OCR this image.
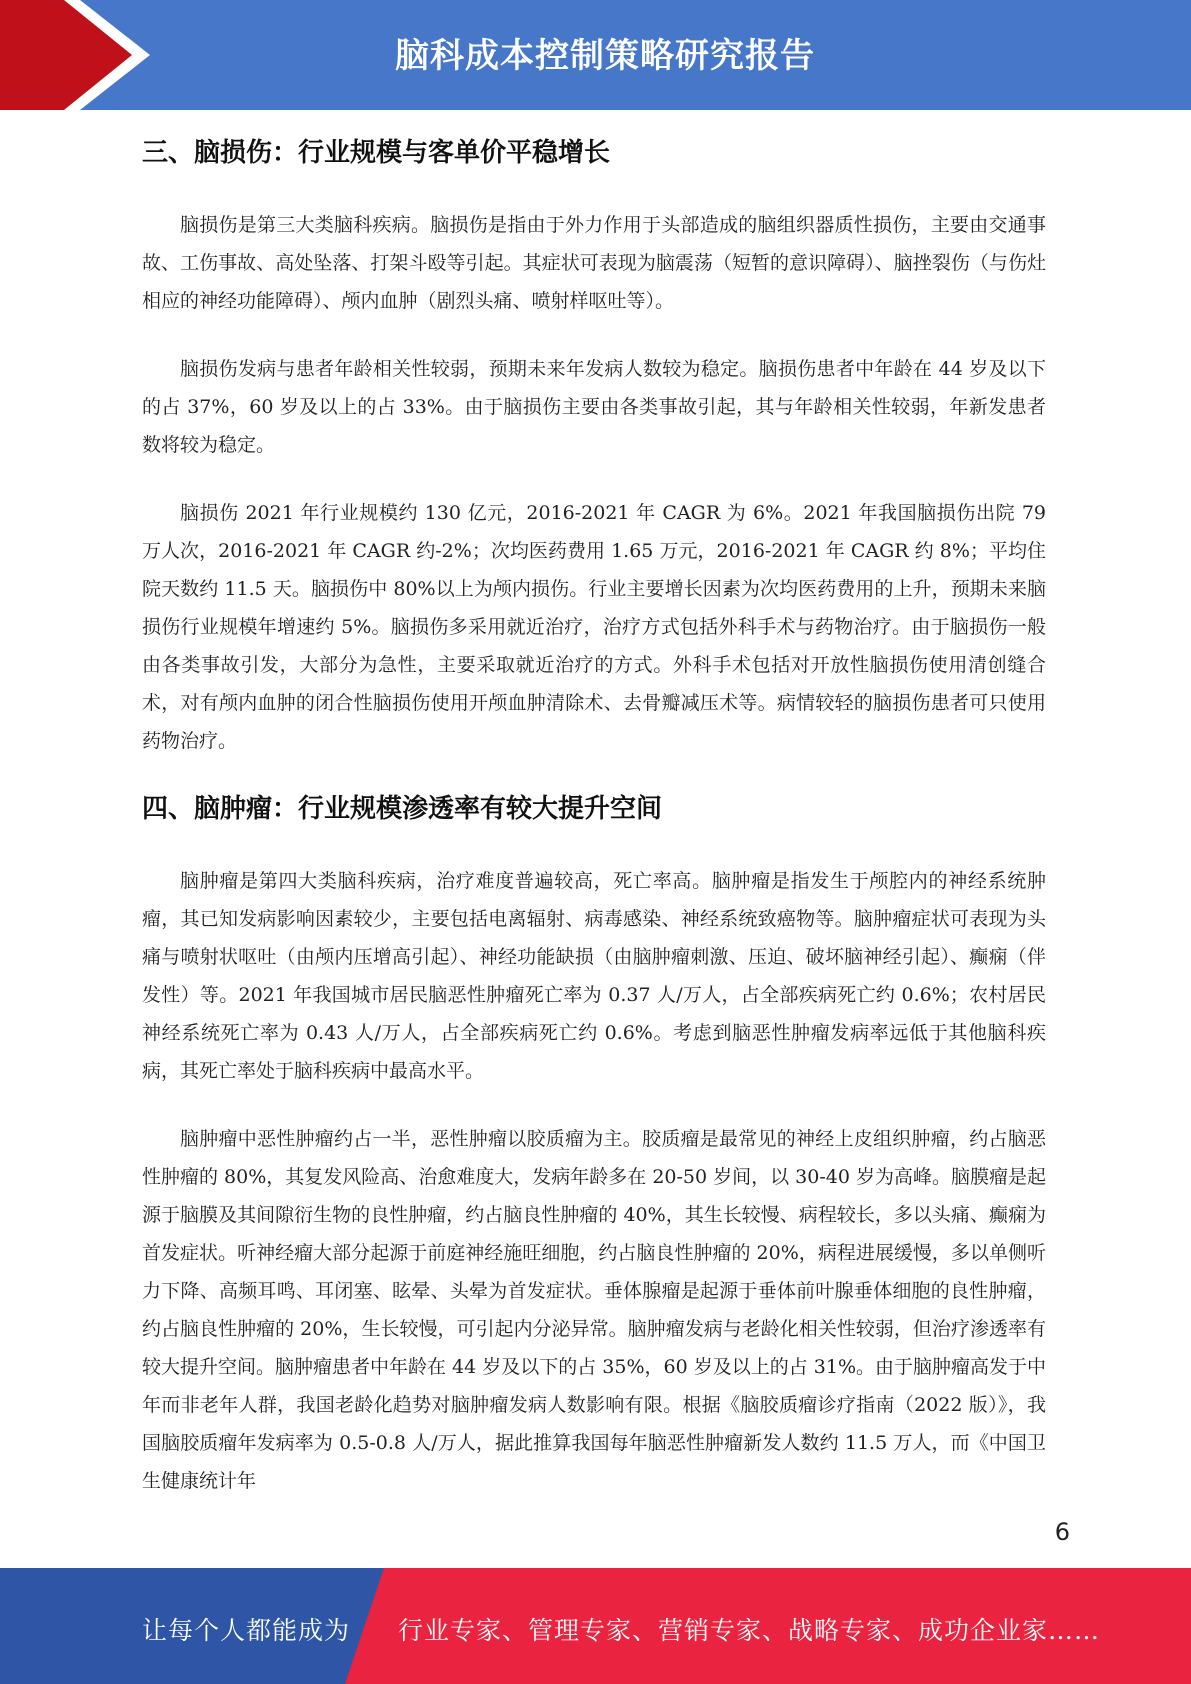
脑科成本控制策略研究报告
三、脑损伤：行业规模与客单价平稳增长

脑损伤是第三大类脑科疾病。脑损伤是指由于外力作用于头部造成的脑组织器质性损伤，主要由交通事故、工伤事故、高处坠落、打架斗殴等引起。其症状可表现为脑震荡（短暂的意识障碍）、脑挫裂伤（与伤灶相应的神经功能障碍）、颅内血肿（剧烈头痛、喷射样呕吐等）。

脑损伤发病与患者年龄相关性较弱，预期未来年发病人数较为稳定。脑损伤患者中年龄在 44 岁及以下的占 37%，60 岁及以上的占 33%。由于脑损伤主要由各类事故引起，其与年龄相关性较弱，年新发患者数将较为稳定。

脑损伤 2021 年行业规模约 130 亿元，2016-2021 年 CAGR 为 6%。2021 年我国脑损伤出院 79 万人次，2016-2021 年 CAGR 约-2%；次均医药费用 1.65 万元，2016-2021 年 CAGR 约 8%；平均住院天数约 11.5 天。脑损伤中 80%以上为颅内损伤。行业主要增长因素为次均医药费用的上升，预期未来脑损伤行业规模年增速约 5%。脑损伤多采用就近治疗，治疗方式包括外科手术与药物治疗。由于脑损伤一般由各类事故引发，大部分为急性，主要采取就近治疗的方式。外科手术包括对开放性脑损伤使用清创缝合术，对有颅内血肿的闭合性脑损伤使用开颅血肿清除术、去骨瓣减压术等。病情较轻的脑损伤患者可只使用药物治疗。

四、脑肿瘤：行业规模渗透率有较大提升空间

脑肿瘤是第四大类脑科疾病，治疗难度普遍较高，死亡率高。脑肿瘤是指发生于颅腔内的神经系统肿瘤，其已知发病影响因素较少，主要包括电离辐射、病毒感染、神经系统致癌物等。脑肿瘤症状可表现为头痛与喷射状呕吐（由颅内压增高引起）、神经功能缺损（由脑肿瘤刺激、压迫、破坏脑神经引起）、癫痫（伴发性）等。2021 年我国城市居民脑恶性肿瘤死亡率为 0.37 人/万人，占全部疾病死亡约 0.6%；农村居民神经系统死亡率为 0.43 人/万人，占全部疾病死亡约 0.6%。考虑到脑恶性肿瘤发病率远低于其他脑科疾病，其死亡率处于脑科疾病中最高水平。

脑肿瘤中恶性肿瘤约占一半，恶性肿瘤以胶质瘤为主。胶质瘤是最常见的神经上皮组织肿瘤，约占脑恶性肿瘤的 80%，其复发风险高、治愈难度大，发病年龄多在 20-50 岁间，以 30-40 岁为高峰。脑膜瘤是起源于脑膜及其间隙衍生物的良性肿瘤，约占脑良性肿瘤的 40%，其生长较慢、病程较长，多以头痛、癫痫为首发症状。听神经瘤大部分起源于前庭神经施旺细胞，约占脑良性肿瘤的 20%，病程进展缓慢，多以单侧听力下降、高频耳鸣、耳闭塞、眩晕、头晕为首发症状。垂体腺瘤是起源于垂体前叶腺垂体细胞的良性肿瘤，约占脑良性肿瘤的 20%，生长较慢，可引起内分泌异常。脑肿瘤发病与老龄化相关性较弱，但治疗渗透率有较大提升空间。脑肿瘤患者中年龄在 44 岁及以下的占 35%，60 岁及以上的占 31%。由于脑肿瘤高发于中年而非老年人群，我国老龄化趋势对脑肿瘤发病人数影响有限。根据《脑胶质瘤诊疗指南（2022 版）》，我国脑胶质瘤年发病率为 0.5-0.8 人/万人，据此推算我国每年脑恶性肿瘤新发人数约 11.5 万人，而《中国卫生健康统计年

6
让每个人都能成为 行业专家、管理专家、营销专家、战略专家、成功企业家……
